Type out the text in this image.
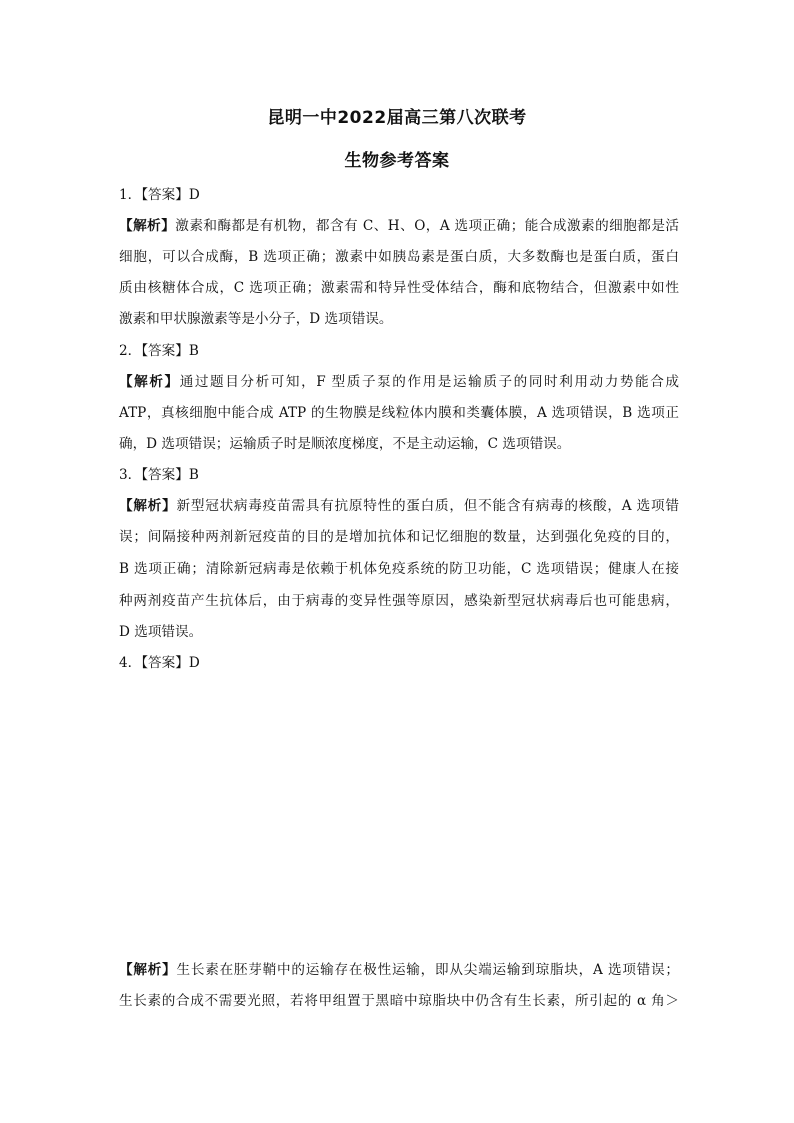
昆明一中2022届高三第八次联考
生物参考答案
1．【答案】D
【解析】激素和酶都是有机物，都含有 C、H、O，A 选项正确；能合成激素的细胞都是活
细胞，可以合成酶，B 选项正确；激素中如胰岛素是蛋白质，大多数酶也是蛋白质，蛋白
质由核糖体合成，C 选项正确；激素需和特异性受体结合，酶和底物结合，但激素中如性
激素和甲状腺激素等是小分子，D 选项错误。
2．【答案】B
【解析】通过题目分析可知，F 型质子泵的作用是运输质子的同时利用动力势能合成
ATP，真核细胞中能合成 ATP 的生物膜是线粒体内膜和类囊体膜，A 选项错误，B 选项正
确，D 选项错误；运输质子时是顺浓度梯度，不是主动运输，C 选项错误。
3．【答案】B
【解析】新型冠状病毒疫苗需具有抗原特性的蛋白质，但不能含有病毒的核酸，A 选项错
误；间隔接种两剂新冠疫苗的目的是增加抗体和记忆细胞的数量，达到强化免疫的目的，
B 选项正确；清除新冠病毒是依赖于机体免疫系统的防卫功能，C 选项错误；健康人在接
种两剂疫苗产生抗体后，由于病毒的变异性强等原因，感染新型冠状病毒后也可能患病，
D 选项错误。
4．【答案】D
【解析】生长素在胚芽鞘中的运输存在极性运输，即从尖端运输到琼脂块，A 选项错误；
生长素的合成不需要光照，若将甲组置于黑暗中琼脂块中仍含有生长素，所引起的 α 角＞
